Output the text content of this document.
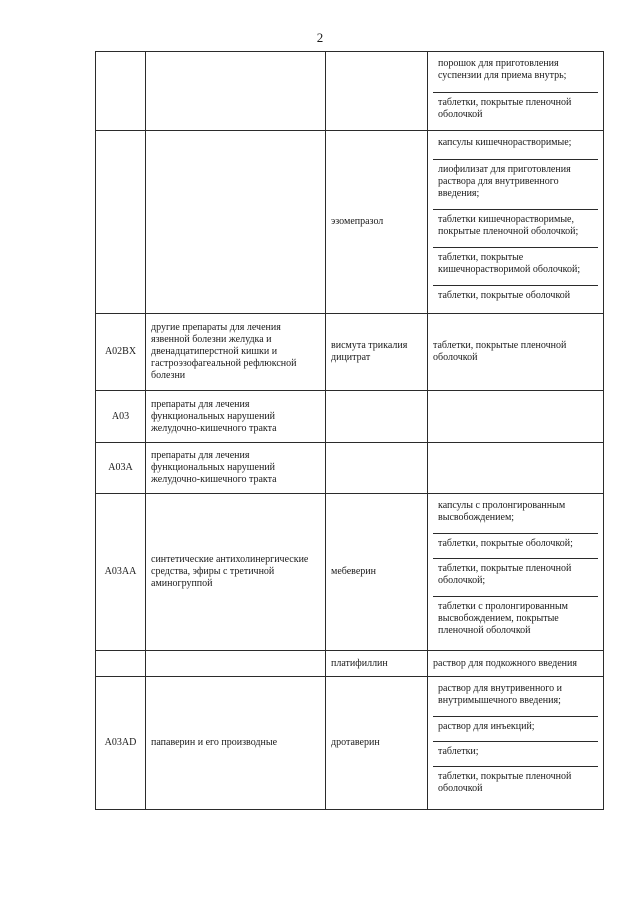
2

			порошок для приготовления суспензии для приема внутрь;
таблетки, покрытые пленочной оболочкой

		эзомепразол	капсулы кишечнорастворимые;
лиофилизат для приготовления раствора для внутривенного введения;
таблетки кишечнорастворимые, покрытые пленочной оболочкой;
таблетки, покрытые кишечнорастворимой оболочкой;
таблетки, покрытые оболочкой

A02BX	другие препараты для лечения язвенной болезни желудка и двенадцатиперстной кишки и гастроэзофагеальной рефлюксной болезни	висмута трикалия дицитрат	таблетки, покрытые пленочной оболочкой

A03	препараты для лечения функциональных нарушений желудочно-кишечного тракта		
A03A	препараты для лечения функциональных нарушений желудочно-кишечного тракта		
A03AA	синтетические антихолинергические средства, эфиры с третичной аминогруппой	мебеверин	капсулы с пролонгированным высвобождением;
таблетки, покрытые оболочкой;
таблетки, покрытые пленочной оболочкой;
таблетки с пролонгированным высвобождением, покрытые пленочной оболочкой

		платифиллин	раствор для подкожного введения

A03AD	папаверин и его производные	дротаверин	раствор для внутривенного и внутримышечного введения;
раствор для инъекций;
таблетки;
таблетки, покрытые пленочной оболочкой
